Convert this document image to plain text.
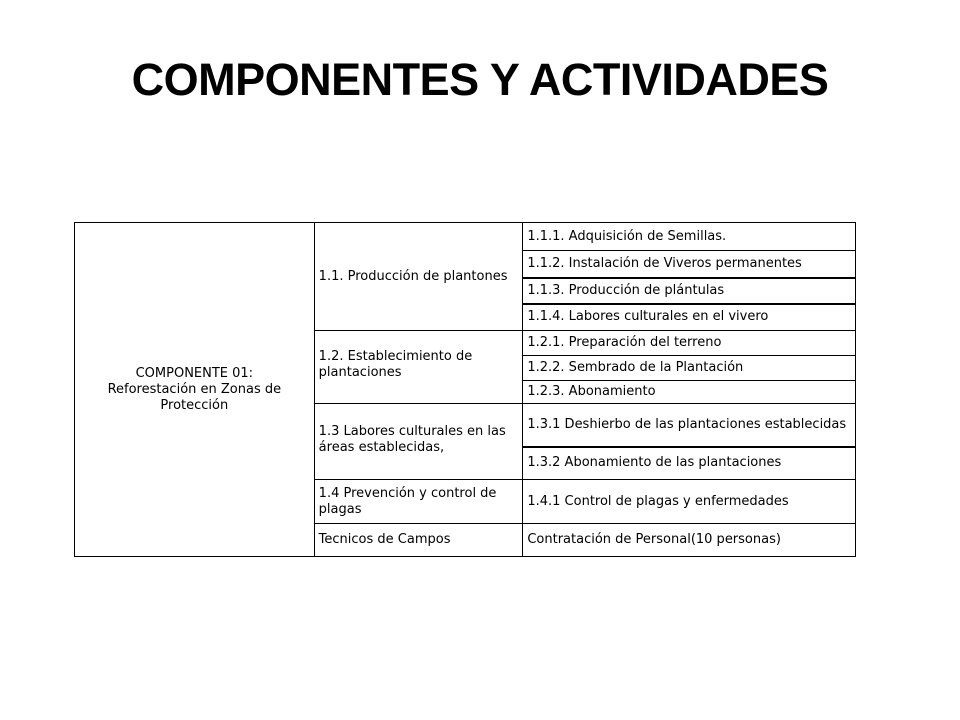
COMPONENTES Y ACTIVIDADES
COMPONENTE 01:
Reforestación en Zonas de
Protección	1.1. Producción de plantones	1.1.1. Adquisición de Semillas.
		1.1.2. Instalación de Viveros permanentes
		1.1.3. Producción de plántulas
		1.1.4. Labores culturales en el vivero
	1.2. Establecimiento de plantaciones	1.2.1. Preparación del terreno
		1.2.2. Sembrado de la Plantación
		1.2.3. Abonamiento
	1.3 Labores culturales en las áreas establecidas,	1.3.1 Deshierbo de las plantaciones establecidas
		1.3.2 Abonamiento de las plantaciones
	1.4 Prevención y control de plagas	1.4.1 Control de plagas y enfermedades
	Tecnicos de Campos	Contratación de Personal(10 personas)
